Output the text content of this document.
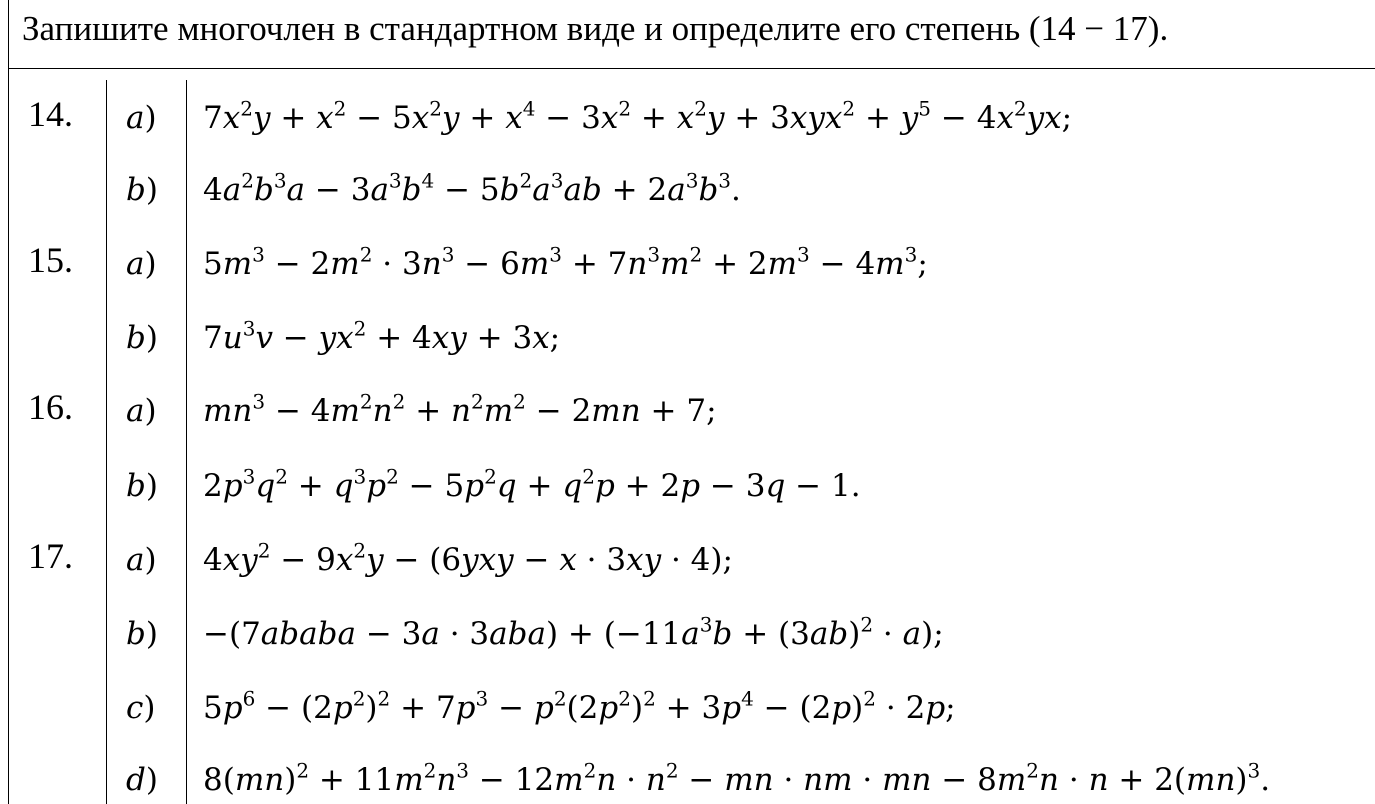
Запишите многочлен в стандартном виде и определите его степень (14 − 17).
14. a) $7x^2y + x^2 - 5x^2y + x^4 - 3x^2 + x^2y + 3xyx^2 + y^5 - 4x^2yx$;
b) $4a^2b^3a - 3a^3b^4 - 5b^2a^3ab + 2a^3b^3$.
15. a) $5m^3 - 2m^2 \cdot 3n^3 - 6m^3 + 7n^3m^2 + 2m^3 - 4m^3$;
b) $7u^3v - yx^2 + 4xy + 3x$;
16. a) $mn^3 - 4m^2n^2 + n^2m^2 - 2mn + 7$;
b) $2p^3q^2 + q^3p^2 - 5p^2q + q^2p + 2p - 3q - 1$.
17. a) $4xy^2 - 9x^2y - (6yxy - x \cdot 3xy \cdot 4)$;
b) −(7ababa − $3a \cdot 3aba) + (-11a^3b + (3ab)^2 \cdot a)$;
c) $5p^6 - (2p^2)^2 + 7p^3 - p^2(2p^2)^2 + 3p^4 - (2p)^2 \cdot 2p$;
d) $8(mn)^2 + 11m^2n^3 - 12m^2n \cdot n^2$ − mn · nm · mn − $8m^2n \cdot n + 2(mn)^3$.
